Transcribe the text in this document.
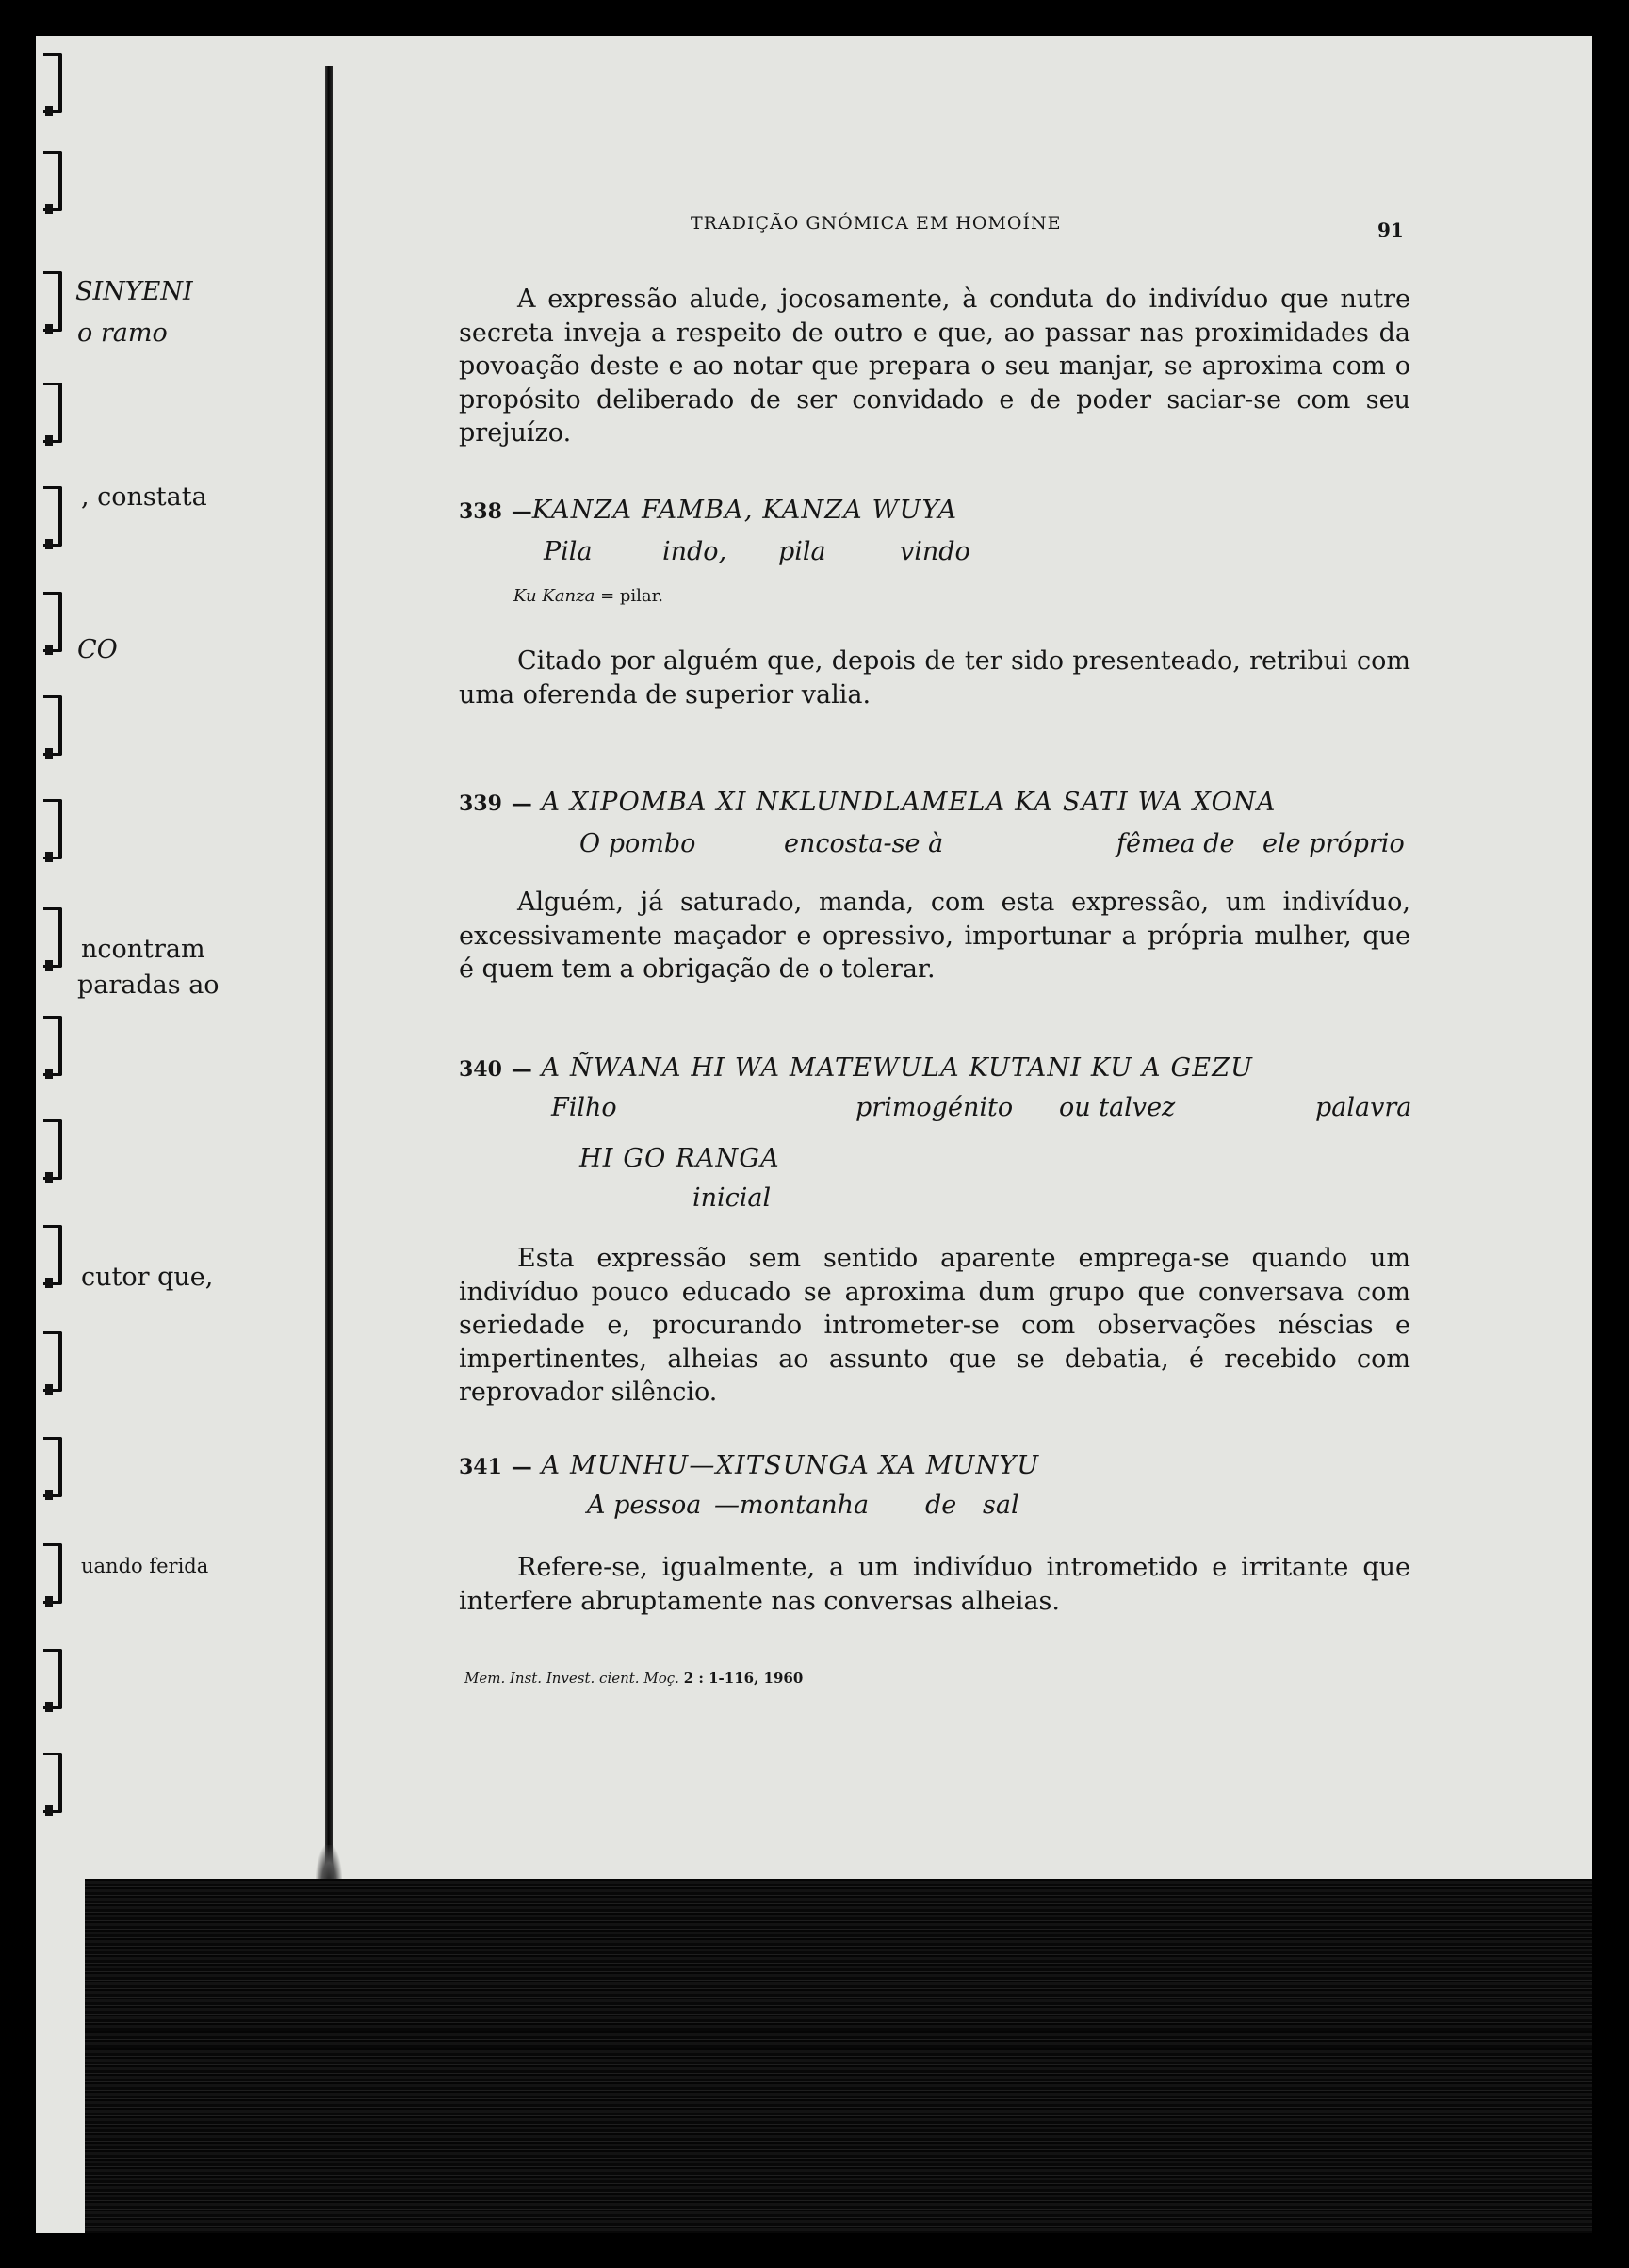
SINYENI
o ramo
, constata
CO
ncontram
paradas ao
cutor que,
uando ferida
TRADIÇÃO GNÓMICA EM HOMOÍNE	91
A expressão alude, jocosamente, à conduta do indivíduo que nutre secreta inveja a respeito de outro e que, ao passar nas proximidades da povoação deste e ao notar que prepara o seu manjar, se aproxima com o propósito deliberado de ser convidado e de poder saciar-se com seu prejuízo.
338 —KANZA FAMBA, KANZA WUYA
Pila	indo, pila	vindo
Ku Kanza = pilar.
Citado por alguém que, depois de ter sido presenteado, retribui com uma oferenda de superior valia.
339 — A XIPOMBA XI NKLUNDLAMELA KA SATI WA XONA
O pombo	encosta-se à	fêmea de ele próprio
Alguém, já saturado, manda, com esta expressão, um indivíduo, excessivamente maçador e opressivo, importunar a própria mulher, que é quem tem a obrigação de o tolerar.
340 — A ÑWANA HI WA MATEWULA KUTANI KU A GEZU
Filho	primogénito ou talvez	palavra
HI GO RANGA
inicial
Esta expressão sem sentido aparente emprega-se quando um indivíduo pouco educado se aproxima dum grupo que conversava com seriedade e, procurando intrometer-se com observações néscias e impertinentes, alheias ao assunto que se debatia, é recebido com reprovador silêncio.
341 — A MUNHU—XITSUNGA XA MUNYU
A pessoa —montanha de sal
Refere-se, igualmente, a um indivíduo intrometido e irritante que interfere abruptamente nas conversas alheias.
Mem. Inst. Invest. cient. Moç. 2 : 1-116, 1960
